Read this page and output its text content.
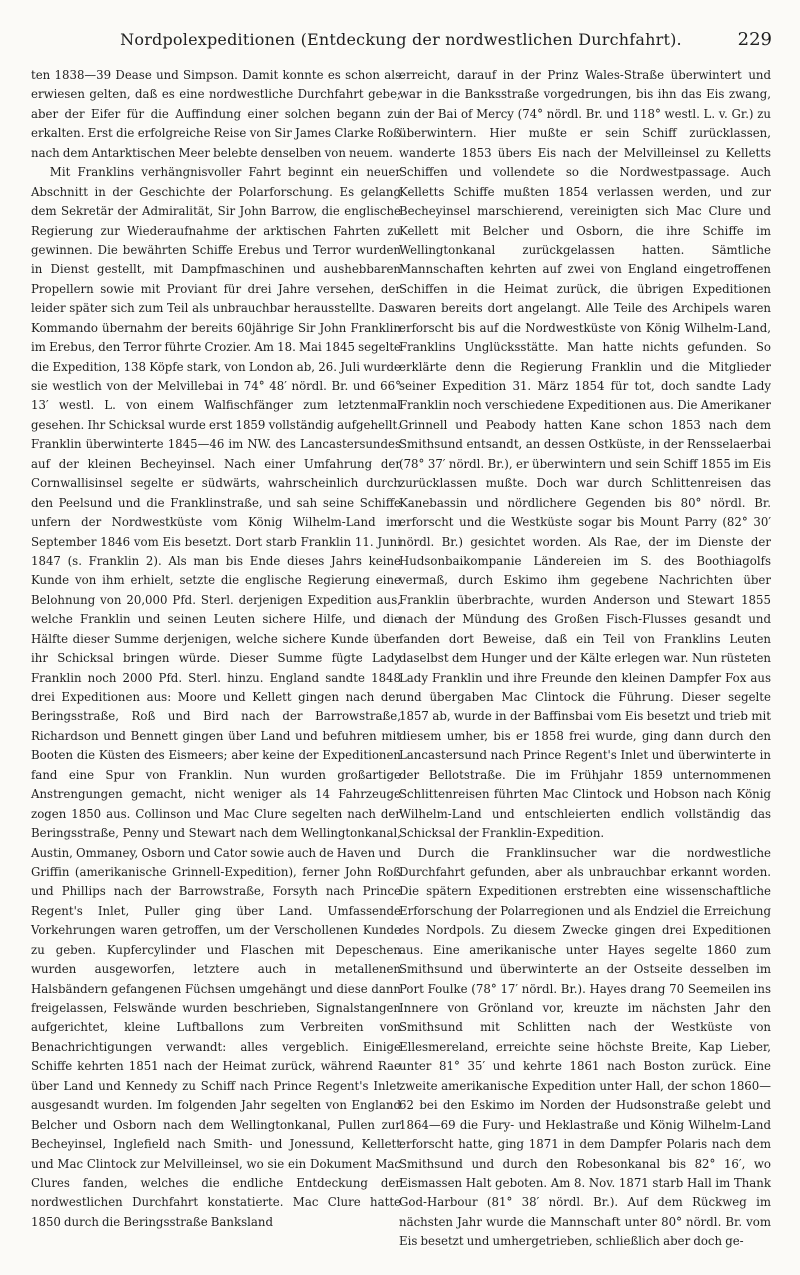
Nordpolexpeditionen (Entdeckung der nordwestlichen Durchfahrt).	229

ten 1838—39 Dease und Simpson. Damit konnte es schon als erwiesen gelten, daß es eine nordwestliche Durchfahrt gebe; aber der Eifer für die Auffindung einer solchen begann zu erkalten. Erst die erfolgreiche Reise von Sir James Clarke Roß nach dem Antarktischen Meer belebte denselben von neuem.

Mit Franklins verhängnisvoller Fahrt beginnt ein neuer Abschnitt in der Geschichte der Polarforschung. Es gelang dem Sekretär der Admiralität, Sir John Barrow, die englische Regierung zur Wiederaufnahme der arktischen Fahrten zu gewinnen. Die bewährten Schiffe Erebus und Terror wurden in Dienst gestellt, mit Dampfmaschinen und aushebbaren Propellern sowie mit Proviant für drei Jahre versehen, der leider später sich zum Teil als unbrauchbar herausstellte. Das Kommando übernahm der bereits 60jährige Sir John Franklin im Erebus, den Terror führte Crozier. Am 18. Mai 1845 segelte die Expedition, 138 Köpfe stark, von London ab, 26. Juli wurde sie westlich von der Melvillebai in 74° 48′ nördl. Br. und 66° 13′ westl. L. von einem Walfischfänger zum letztenmal gesehen. Ihr Schicksal wurde erst 1859 vollständig aufgehellt. Franklin überwinterte 1845—46 im NW. des Lancastersundes auf der kleinen Becheyinsel. Nach einer Umfahrung der Cornwallisinsel segelte er südwärts, wahrscheinlich durch den Peelsund und die Franklinstraße, und sah seine Schiffe unfern der Nordwestküste vom König Wilhelm-Land im September 1846 vom Eis besetzt. Dort starb Franklin 11. Juni 1847 (s. Franklin 2). Als man bis Ende dieses Jahrs keine Kunde von ihm erhielt, setzte die englische Regierung eine Belohnung von 20,000 Pfd. Sterl. derjenigen Expedition aus, welche Franklin und seinen Leuten sichere Hilfe, und die Hälfte dieser Summe derjenigen, welche sichere Kunde über ihr Schicksal bringen würde. Dieser Summe fügte Lady Franklin noch 2000 Pfd. Sterl. hinzu. England sandte 1848 drei Expeditionen aus: Moore und Kellett gingen nach der Beringsstraße, Roß und Bird nach der Barrowstraße, Richardson und Bennett gingen über Land und befuhren mit Booten die Küsten des Eismeers; aber keine der Expeditionen fand eine Spur von Franklin. Nun wurden großartige Anstrengungen gemacht, nicht weniger als 14 Fahrzeuge zogen 1850 aus. Collinson und Mac Clure segelten nach der Beringsstraße, Penny und Stewart nach dem Wellingtonkanal, Austin, Ommaney, Osborn und Cator sowie auch de Haven und Griffin (amerikanische Grinnell-Expedition), ferner John Roß und Phillips nach der Barrowstraße, Forsyth nach Prince Regent's Inlet, Puller ging über Land. Umfassende Vorkehrungen waren getroffen, um der Verschollenen Kunde zu geben. Kupfercylinder und Flaschen mit Depeschen wurden ausgeworfen, letztere auch in metallenen Halsbändern gefangenen Füchsen umgehängt und diese dann freigelassen, Felswände wurden beschrieben, Signalstangen aufgerichtet, kleine Luftballons zum Verbreiten von Benachrichtigungen verwandt: alles vergeblich. Einige Schiffe kehrten 1851 nach der Heimat zurück, während Rae über Land und Kennedy zu Schiff nach Prince Regent's Inlet ausgesandt wurden. Im folgenden Jahr segelten von England Belcher und Osborn nach dem Wellingtonkanal, Pullen zur Becheyinsel, Inglefield nach Smith- und Jonessund, Kellett und Mac Clintock zur Melvilleinsel, wo sie ein Dokument Mac Clures fanden, welches die endliche Entdeckung der nordwestlichen Durchfahrt konstatierte. Mac Clure hatte 1850 durch die Beringsstraße Banksland

erreicht, darauf in der Prinz Wales-Straße überwintert und war in die Banksstraße vorgedrungen, bis ihn das Eis zwang, in der Bai of Mercy (74° nördl. Br. und 118° westl. L. v. Gr.) zu überwintern. Hier mußte er sein Schiff zurücklassen, wanderte 1853 übers Eis nach der Melvilleinsel zu Kelletts Schiffen und vollendete so die Nordwestpassage. Auch Kelletts Schiffe mußten 1854 verlassen werden, und zur Becheyinsel marschierend, vereinigten sich Mac Clure und Kellett mit Belcher und Osborn, die ihre Schiffe im Wellingtonkanal zurückgelassen hatten. Sämtliche Mannschaften kehrten auf zwei von England eingetroffenen Schiffen in die Heimat zurück, die übrigen Expeditionen waren bereits dort angelangt. Alle Teile des Archipels waren erforscht bis auf die Nordwestküste von König Wilhelm-Land, Franklins Unglücksstätte. Man hatte nichts gefunden. So erklärte denn die Regierung Franklin und die Mitglieder seiner Expedition 31. März 1854 für tot, doch sandte Lady Franklin noch verschiedene Expeditionen aus. Die Amerikaner Grinnell und Peabody hatten Kane schon 1853 nach dem Smithsund entsandt, an dessen Ostküste, in der Rensselaerbai (78° 37′ nördl. Br.), er überwintern und sein Schiff 1855 im Eis zurücklassen mußte. Doch war durch Schlittenreisen das Kanebassin und nördlichere Gegenden bis 80° nördl. Br. erforscht und die Westküste sogar bis Mount Parry (82° 30′ nördl. Br.) gesichtet worden. Als Rae, der im Dienste der Hudsonbaikompanie Ländereien im S. des Boothiagolfs vermaß, durch Eskimo ihm gegebene Nachrichten über Franklin überbrachte, wurden Anderson und Stewart 1855 nach der Mündung des Großen Fisch-Flusses gesandt und fanden dort Beweise, daß ein Teil von Franklins Leuten daselbst dem Hunger und der Kälte erlegen war. Nun rüsteten Lady Franklin und ihre Freunde den kleinen Dampfer Fox aus und übergaben Mac Clintock die Führung. Dieser segelte 1857 ab, wurde in der Baffinsbai vom Eis besetzt und trieb mit diesem umher, bis er 1858 frei wurde, ging dann durch den Lancastersund nach Prince Regent's Inlet und überwinterte in der Bellotstraße. Die im Frühjahr 1859 unternommenen Schlittenreisen führten Mac Clintock und Hobson nach König Wilhelm-Land und entschleierten endlich vollständig das Schicksal der Franklin-Expedition.

Durch die Franklinsucher war die nordwestliche Durchfahrt gefunden, aber als unbrauchbar erkannt worden. Die spätern Expeditionen erstrebten eine wissenschaftliche Erforschung der Polarregionen und als Endziel die Erreichung des Nordpols. Zu diesem Zwecke gingen drei Expeditionen aus. Eine amerikanische unter Hayes segelte 1860 zum Smithsund und überwinterte an der Ostseite desselben im Port Foulke (78° 17′ nördl. Br.). Hayes drang 70 Seemeilen ins Innere von Grönland vor, kreuzte im nächsten Jahr den Smithsund mit Schlitten nach der Westküste von Ellesmereland, erreichte seine höchste Breite, Kap Lieber, unter 81° 35′ und kehrte 1861 nach Boston zurück. Eine zweite amerikanische Expedition unter Hall, der schon 1860—62 bei den Eskimo im Norden der Hudsonstraße gelebt und 1864—69 die Fury- und Heklastraße und König Wilhelm-Land erforscht hatte, ging 1871 in dem Dampfer Polaris nach dem Smithsund und durch den Robesonkanal bis 82° 16′, wo Eismassen Halt geboten. Am 8. Nov. 1871 starb Hall im Thank God-Harbour (81° 38′ nördl. Br.). Auf dem Rückweg im nächsten Jahr wurde die Mannschaft unter 80° nördl. Br. vom Eis besetzt und umhergetrieben, schließlich aber doch ge-
